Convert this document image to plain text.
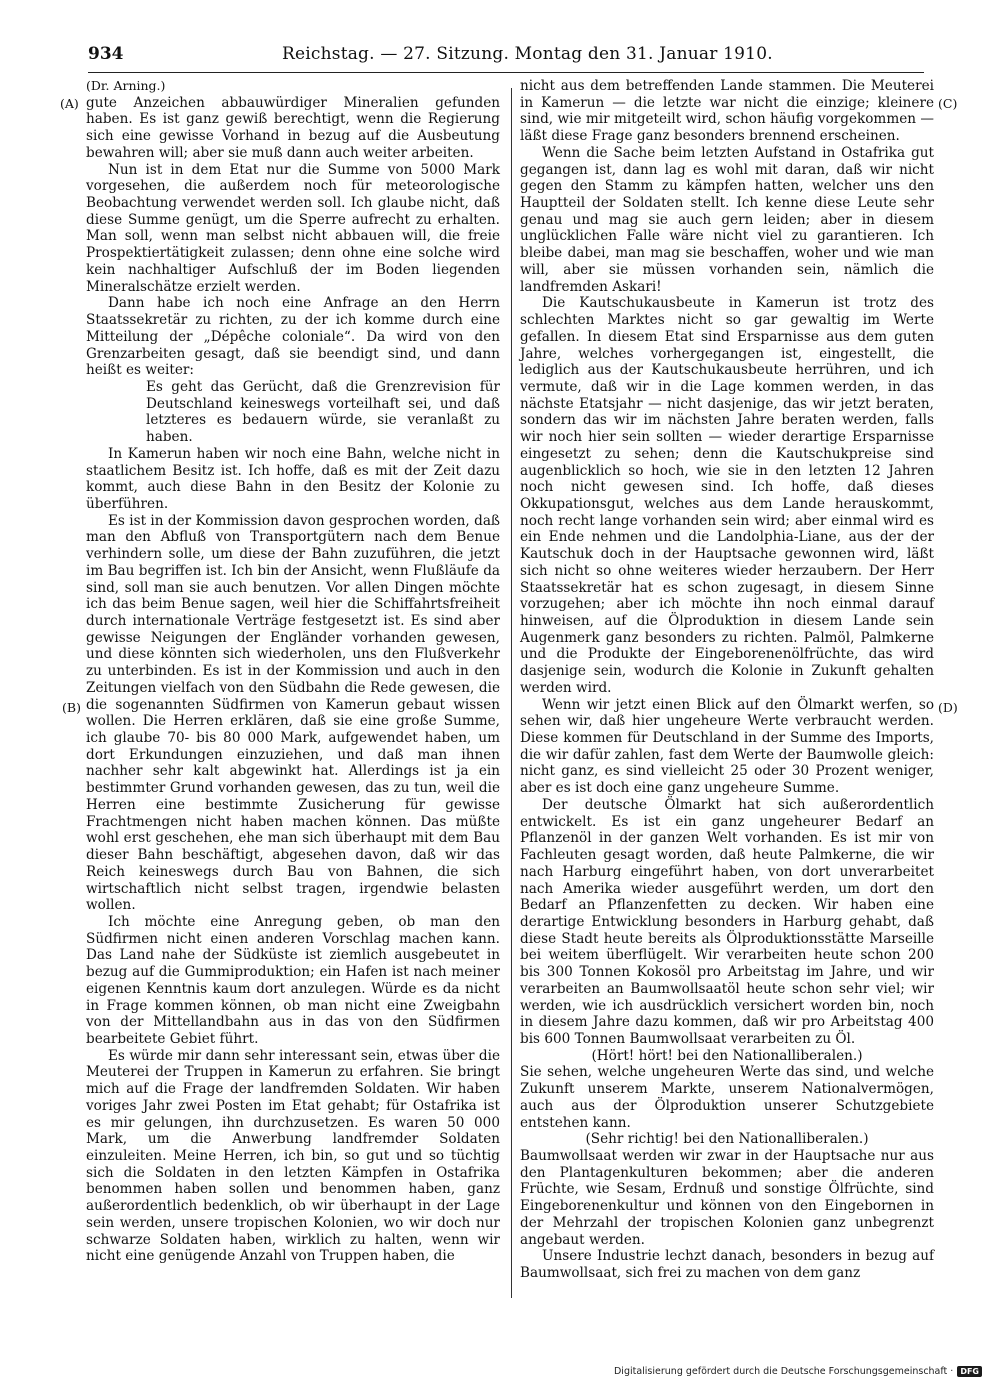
934	Reichstag. — 27. Sitzung. Montag den 31. Januar 1910.
(A)
(B)
(C)
(D)

(Dr. Arning.)

gute Anzeichen abbauwürdiger Mineralien gefunden haben. Es ist ganz gewiß berechtigt, wenn die Regierung sich eine gewisse Vorhand in bezug auf die Ausbeutung bewahren will; aber sie muß dann auch weiter arbeiten.

Nun ist in dem Etat nur die Summe von 5000 Mark vorgesehen, die außerdem noch für meteorologische Beobachtung verwendet werden soll. Ich glaube nicht, daß diese Summe genügt, um die Sperre aufrecht zu erhalten. Man soll, wenn man selbst nicht abbauen will, die freie Prospektiertätigkeit zulassen; denn ohne eine solche wird kein nachhaltiger Aufschluß der im Boden liegenden Mineralschätze erzielt werden.

Dann habe ich noch eine Anfrage an den Herrn Staatssekretär zu richten, zu der ich komme durch eine Mitteilung der „Dépêche coloniale“. Da wird von den Grenzarbeiten gesagt, daß sie beendigt sind, und dann heißt es weiter:

Es geht das Gerücht, daß die Grenzrevision für Deutschland keineswegs vorteilhaft sei, und daß letzteres es bedauern würde, sie veranlaßt zu haben.

In Kamerun haben wir noch eine Bahn, welche nicht in staatlichem Besitz ist. Ich hoffe, daß es mit der Zeit dazu kommt, auch diese Bahn in den Besitz der Kolonie zu überführen.

Es ist in der Kommission davon gesprochen worden, daß man den Abfluß von Transportgütern nach dem Benue verhindern solle, um diese der Bahn zuzuführen, die jetzt im Bau begriffen ist. Ich bin der Ansicht, wenn Flußläufe da sind, soll man sie auch benutzen. Vor allen Dingen möchte ich das beim Benue sagen, weil hier die Schiffahrtsfreiheit durch internationale Verträge festgesetzt ist. Es sind aber gewisse Neigungen der Engländer vorhanden gewesen, und diese könnten sich wiederholen, uns den Flußverkehr zu unterbinden. Es ist in der Kommission und auch in den Zeitungen vielfach von den Südbahn die Rede gewesen, die die sogenannten Südfirmen von Kamerun gebaut wissen wollen. Die Herren erklären, daß sie eine große Summe, ich glaube 70- bis 80 000 Mark, aufgewendet haben, um dort Erkundungen einzuziehen, und daß man ihnen nachher sehr kalt abgewinkt hat. Allerdings ist ja ein bestimmter Grund vorhanden gewesen, das zu tun, weil die Herren eine bestimmte Zusicherung für gewisse Frachtmengen nicht haben machen können. Das müßte wohl erst geschehen, ehe man sich überhaupt mit dem Bau dieser Bahn beschäftigt, abgesehen davon, daß wir das Reich keineswegs durch Bau von Bahnen, die sich wirtschaftlich nicht selbst tragen, irgendwie belasten wollen.

Ich möchte eine Anregung geben, ob man den Südfirmen nicht einen anderen Vorschlag machen kann. Das Land nahe der Südküste ist ziemlich ausgebeutet in bezug auf die Gummiproduktion; ein Hafen ist nach meiner eigenen Kenntnis kaum dort anzulegen. Würde es da nicht in Frage kommen können, ob man nicht eine Zweigbahn von der Mittellandbahn aus in das von den Südfirmen bearbeitete Gebiet führt.

Es würde mir dann sehr interessant sein, etwas über die Meuterei der Truppen in Kamerun zu erfahren. Sie bringt mich auf die Frage der landfremden Soldaten. Wir haben voriges Jahr zwei Posten im Etat gehabt; für Ostafrika ist es mir gelungen, ihn durchzusetzen. Es waren 50 000 Mark, um die Anwerbung landfremder Soldaten einzuleiten. Meine Herren, ich bin, so gut und so tüchtig sich die Soldaten in den letzten Kämpfen in Ostafrika benommen haben sollen und benommen haben, ganz außerordentlich bedenklich, ob wir überhaupt in der Lage sein werden, unsere tropischen Kolonien, wo wir doch nur schwarze Soldaten haben, wirklich zu halten, wenn wir nicht eine genügende Anzahl von Truppen haben, die

nicht aus dem betreffenden Lande stammen. Die Meuterei in Kamerun — die letzte war nicht die einzige; kleinere sind, wie mir mitgeteilt wird, schon häufig vorgekommen — läßt diese Frage ganz besonders brennend erscheinen.

Wenn die Sache beim letzten Aufstand in Ostafrika gut gegangen ist, dann lag es wohl mit daran, daß wir nicht gegen den Stamm zu kämpfen hatten, welcher uns den Hauptteil der Soldaten stellt. Ich kenne diese Leute sehr genau und mag sie auch gern leiden; aber in diesem unglücklichen Falle wäre nicht viel zu garantieren. Ich bleibe dabei, man mag sie beschaffen, woher und wie man will, aber sie müssen vorhanden sein, nämlich die landfremden Askari!

Die Kautschukausbeute in Kamerun ist trotz des schlechten Marktes nicht so gar gewaltig im Werte gefallen. In diesem Etat sind Ersparnisse aus dem guten Jahre, welches vorhergegangen ist, eingestellt, die lediglich aus der Kautschukausbeute herrühren, und ich vermute, daß wir in die Lage kommen werden, in das nächste Etatsjahr — nicht dasjenige, das wir jetzt beraten, sondern das wir im nächsten Jahre beraten werden, falls wir noch hier sein sollten — wieder derartige Ersparnisse eingesetzt zu sehen; denn die Kautschukpreise sind augenblicklich so hoch, wie sie in den letzten 12 Jahren noch nicht gewesen sind. Ich hoffe, daß dieses Okkupationsgut, welches aus dem Lande herauskommt, noch recht lange vorhanden sein wird; aber einmal wird es ein Ende nehmen und die Landolphia-Liane, aus der der Kautschuk doch in der Hauptsache gewonnen wird, läßt sich nicht so ohne weiteres wieder herzaubern. Der Herr Staatssekretär hat es schon zugesagt, in diesem Sinne vorzugehen; aber ich möchte ihn noch einmal darauf hinweisen, auf die Ölproduktion in diesem Lande sein Augenmerk ganz besonders zu richten. Palmöl, Palmkerne und die Produkte der Eingeborenenölfrüchte, das wird dasjenige sein, wodurch die Kolonie in Zukunft gehalten werden wird.

Wenn wir jetzt einen Blick auf den Ölmarkt werfen, so sehen wir, daß hier ungeheure Werte verbraucht werden. Diese kommen für Deutschland in der Summe des Imports, die wir dafür zahlen, fast dem Werte der Baumwolle gleich: nicht ganz, es sind vielleicht 25 oder 30 Prozent weniger, aber es ist doch eine ganz ungeheure Summe.

Der deutsche Ölmarkt hat sich außerordentlich entwickelt. Es ist ein ganz ungeheurer Bedarf an Pflanzenöl in der ganzen Welt vorhanden. Es ist mir von Fachleuten gesagt worden, daß heute Palmkerne, die wir nach Harburg eingeführt haben, von dort unverarbeitet nach Amerika wieder ausgeführt werden, um dort den Bedarf an Pflanzenfetten zu decken. Wir haben eine derartige Entwicklung besonders in Harburg gehabt, daß diese Stadt heute bereits als Ölproduktionsstätte Marseille bei weitem überflügelt. Wir verarbeiten heute schon 200 bis 300 Tonnen Kokosöl pro Arbeitstag im Jahre, und wir verarbeiten an Baumwollsaatöl heute schon sehr viel; wir werden, wie ich ausdrücklich versichert worden bin, noch in diesem Jahre dazu kommen, daß wir pro Arbeitstag 400 bis 600 Tonnen Baumwollsaat verarbeiten zu Öl.

(Hört! hört! bei den Nationalliberalen.)

Sie sehen, welche ungeheuren Werte das sind, und welche Zukunft unserem Markte, unserem Nationalvermögen, auch aus der Ölproduktion unserer Schutzgebiete entstehen kann.

(Sehr richtig! bei den Nationalliberalen.)

Baumwollsaat werden wir zwar in der Hauptsache nur aus den Plantagenkulturen bekommen; aber die anderen Früchte, wie Sesam, Erdnuß und sonstige Ölfrüchte, sind Eingeborenenkultur und können von den Eingebornen in der Mehrzahl der tropischen Kolonien ganz unbegrenzt angebaut werden.

Unsere Industrie lechzt danach, besonders in bezug auf Baumwollsaat, sich frei zu machen von dem ganz

Digitalisierung gefördert durch die Deutsche Forschungsgemeinschaft · DFG
